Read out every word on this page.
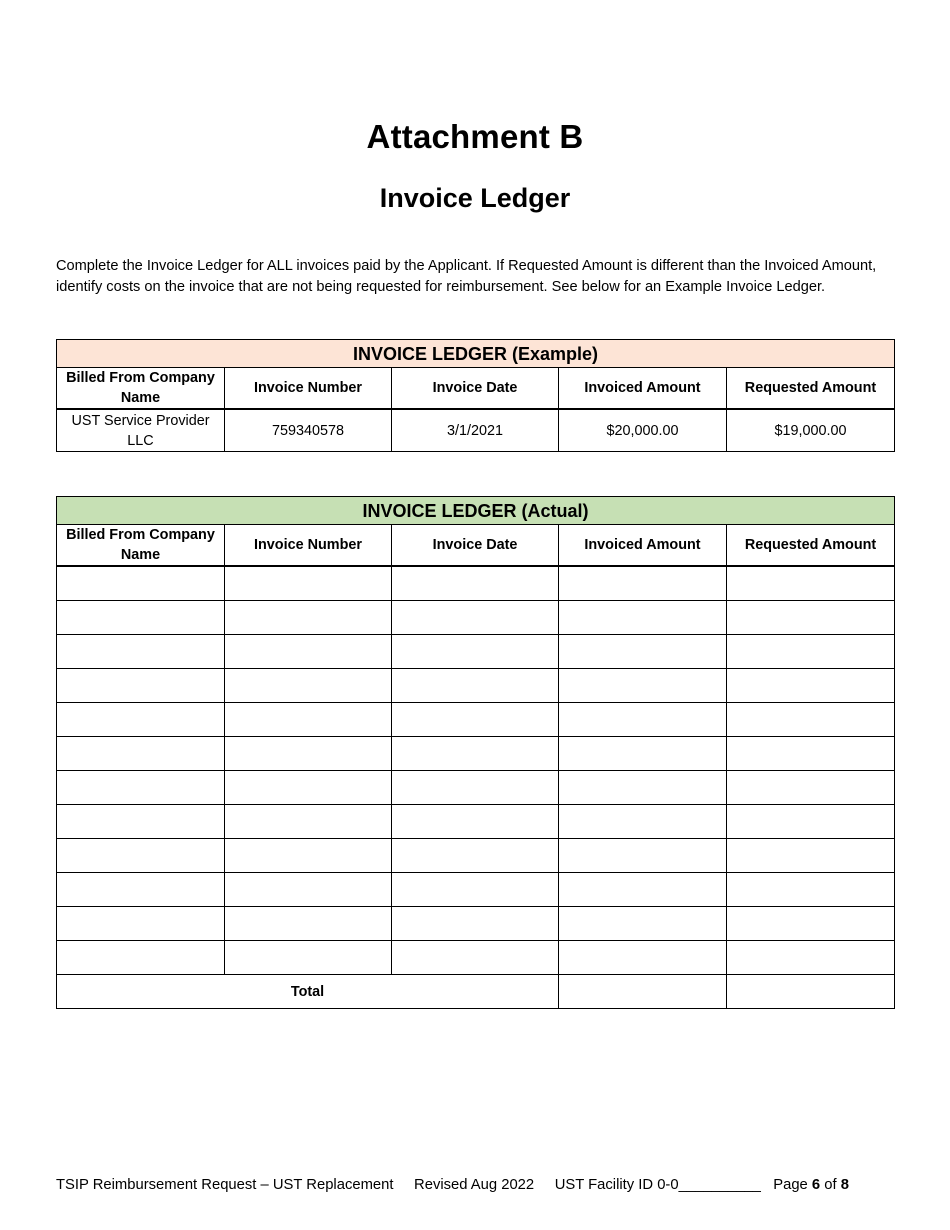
Attachment B
Invoice Ledger
Complete the Invoice Ledger for ALL invoices paid by the Applicant. If Requested Amount is different than the Invoiced Amount, identify costs on the invoice that are not being requested for reimbursement. See below for an Example Invoice Ledger.
INVOICE LEDGER (Example)				
Billed From Company Name	Invoice Number	Invoice Date	Invoiced Amount	Requested Amount
UST Service Provider LLC	759340578	3/1/2021	$20,000.00	$19,000.00
INVOICE LEDGER (Actual)				
Billed From Company Name	Invoice Number	Invoice Date	Invoiced Amount	Requested Amount

Total				
TSIP Reimbursement Request – UST Replacement Revised Aug 2022 UST Facility ID 0-0__________ Page 6 of 8
